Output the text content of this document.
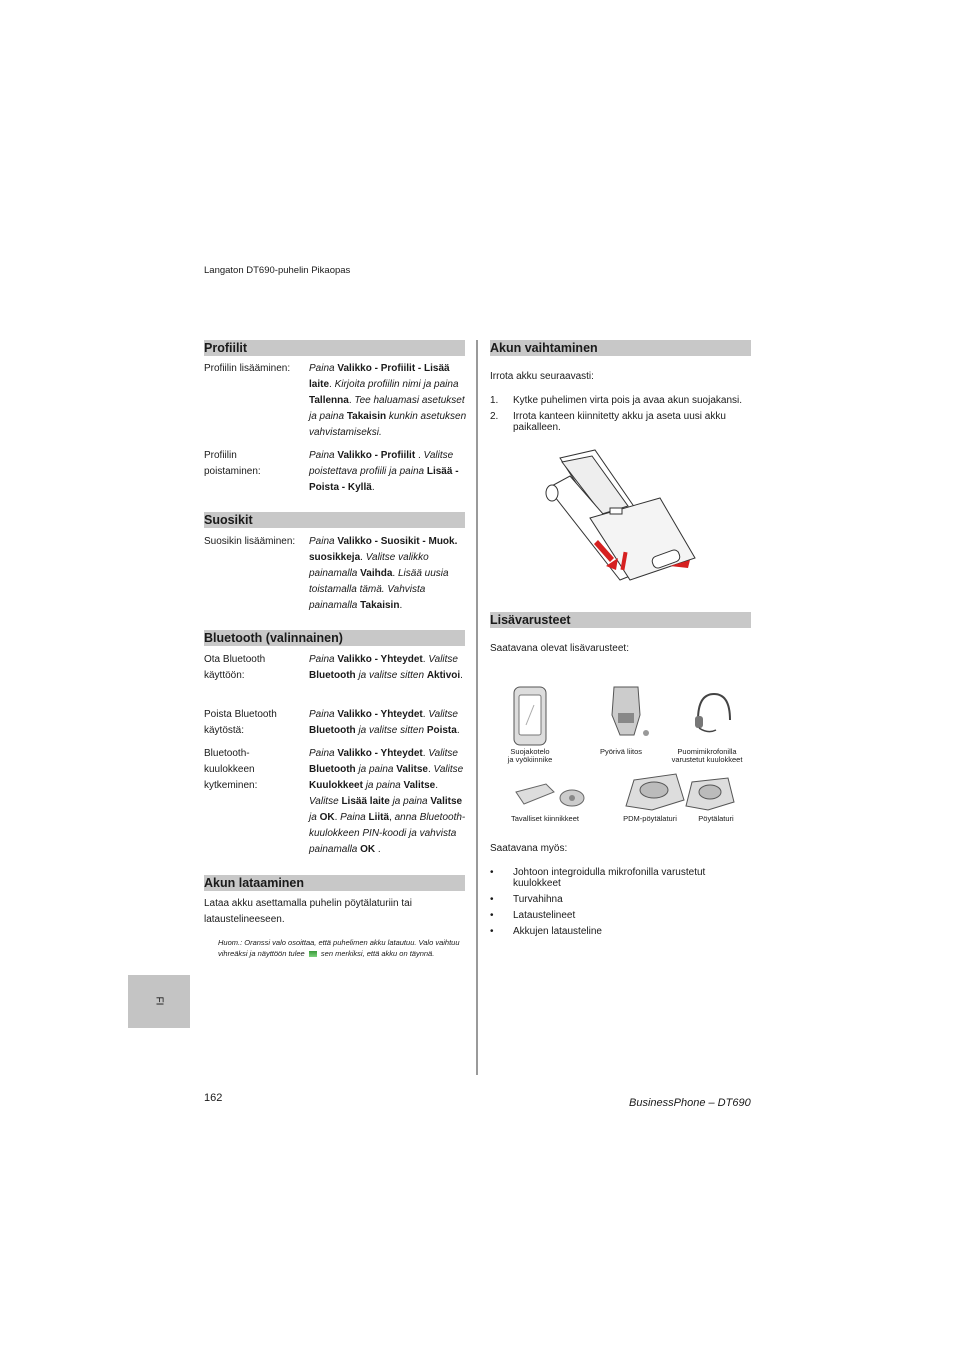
Langaton DT690-puhelin Pikaopas
Profiilit
Profiilin lisääminen: Paina Valikko - Profiilit - Lisää laite. Kirjoita profiilin nimi ja paina Tallenna. Tee haluamasi asetukset ja paina Takaisin kunkin asetuksen vahvistamiseksi.
Profiilin
poistaminen:
Paina Valikko - Profiilit . Valitse poistettava profiili ja paina Lisää - Poista - Kyllä.
Suosikit
Suosikin lisääminen: Paina Valikko - Suosikit - Muok. suosikkeja. Valitse valikko painamalla Vaihda. Lisää uusia toistamalla tämä. Vahvista painamalla Takaisin.
Bluetooth (valinnainen)
Ota Bluetooth
käyttöön:
Paina Valikko - Yhteydet. Valitse Bluetooth ja valitse sitten Aktivoi.
Poista Bluetooth
käytöstä:
Paina Valikko - Yhteydet. Valitse Bluetooth ja valitse sitten Poista.
Bluetooth-
kuulokkeen
kytkeminen:
Paina Valikko - Yhteydet. Valitse Bluetooth ja paina Valitse. Valitse Kuulokkeet ja paina Valitse. Valitse Lisää laite ja paina Valitse ja OK. Paina Liitä, anna Bluetooth-kuulokkeen PIN-koodi ja vahvista painamalla OK .
Akun lataaminen
Lataa akku asettamalla puhelin pöytälaturiin tai
lataustelineeseen.
Huom.: Oranssi valo osoittaa, että puhelimen akku latautuu. Valo vaihtuu
vihreäksi ja näyttöön tulee sen merkiksi, että akku on täynnä.
FI
Akun vaihtaminen
Irrota akku seuraavasti:
1. Kytke puhelimen virta pois ja avaa akun suojakansi.
2. Irrota kanteen kiinnitetty akku ja aseta uusi akku
paikalleen.
Lisävarusteet
Saatavana olevat lisävarusteet:
Suojakotelo
ja vyökiinnike
Pyörivä liitos	Puomimikrofonilla
varustetut kuulokkeet
Tavalliset kiinnikkeet	PDM-pöytälaturi	Pöytälaturi
Saatavana myös:
• Johtoon integroidulla mikrofonilla varustetut
kuulokkeet
• Turvahihna
• Lataustelineet
• Akkujen latausteline
162	BusinessPhone – DT690
